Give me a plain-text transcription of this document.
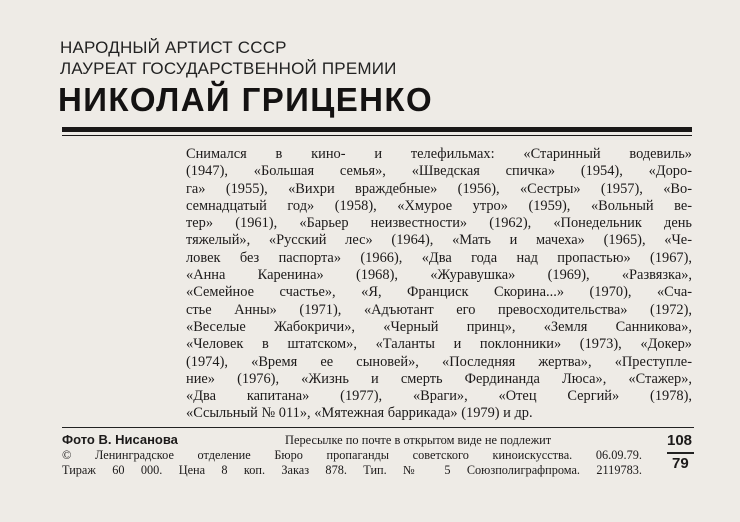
НАРОДНЫЙ АРТИСТ СССР
ЛАУРЕАТ ГОСУДАРСТВЕННОЙ ПРЕМИИ
НИКОЛАЙ ГРИЦЕНКО
Снимался в кино- и телефильмах: «Старинный водевиль»
(1947), «Большая семья», «Шведская спичка» (1954), «Доро-
га» (1955), «Вихри враждебные» (1956), «Сестры» (1957), «Во-
семнадцатый год» (1958), «Хмурое утро» (1959), «Вольный ве-
тер» (1961), «Барьер неизвестности» (1962), «Понедельник день
тяжелый», «Русский лес» (1964), «Мать и мачеха» (1965), «Че-
ловек без паспорта» (1966), «Два года над пропастью» (1967),
«Анна Каренина» (1968), «Журавушка» (1969), «Развязка»,
«Семейное счастье», «Я, Франциск Скорина...» (1970), «Сча-
стье Анны» (1971), «Адъютант его превосходительства» (1972),
«Веселые Жабокричи», «Черный принц», «Земля Санникова»,
«Человек в штатском», «Таланты и поклонники» (1973), «Докер»
(1974), «Время ее сыновей», «Последняя жертва», «Преступле-
ние» (1976), «Жизнь и смерть Фердинанда Люса», «Стажер»,
«Два капитана» (1977), «Враги», «Отец Сергий» (1978),
«Ссыльный № 011», «Мятежная баррикада» (1979) и др.
Фото В. Нисанова	Пересылке по почте в открытом виде не подлежит
© Ленинградское отделение Бюро пропаганды советского киноискусства. 06.09.79.
Тираж 60 000. Цена 8 коп. Заказ 878. Тип. № 5 Союзполиграфпрома. 2119783.
108
79
